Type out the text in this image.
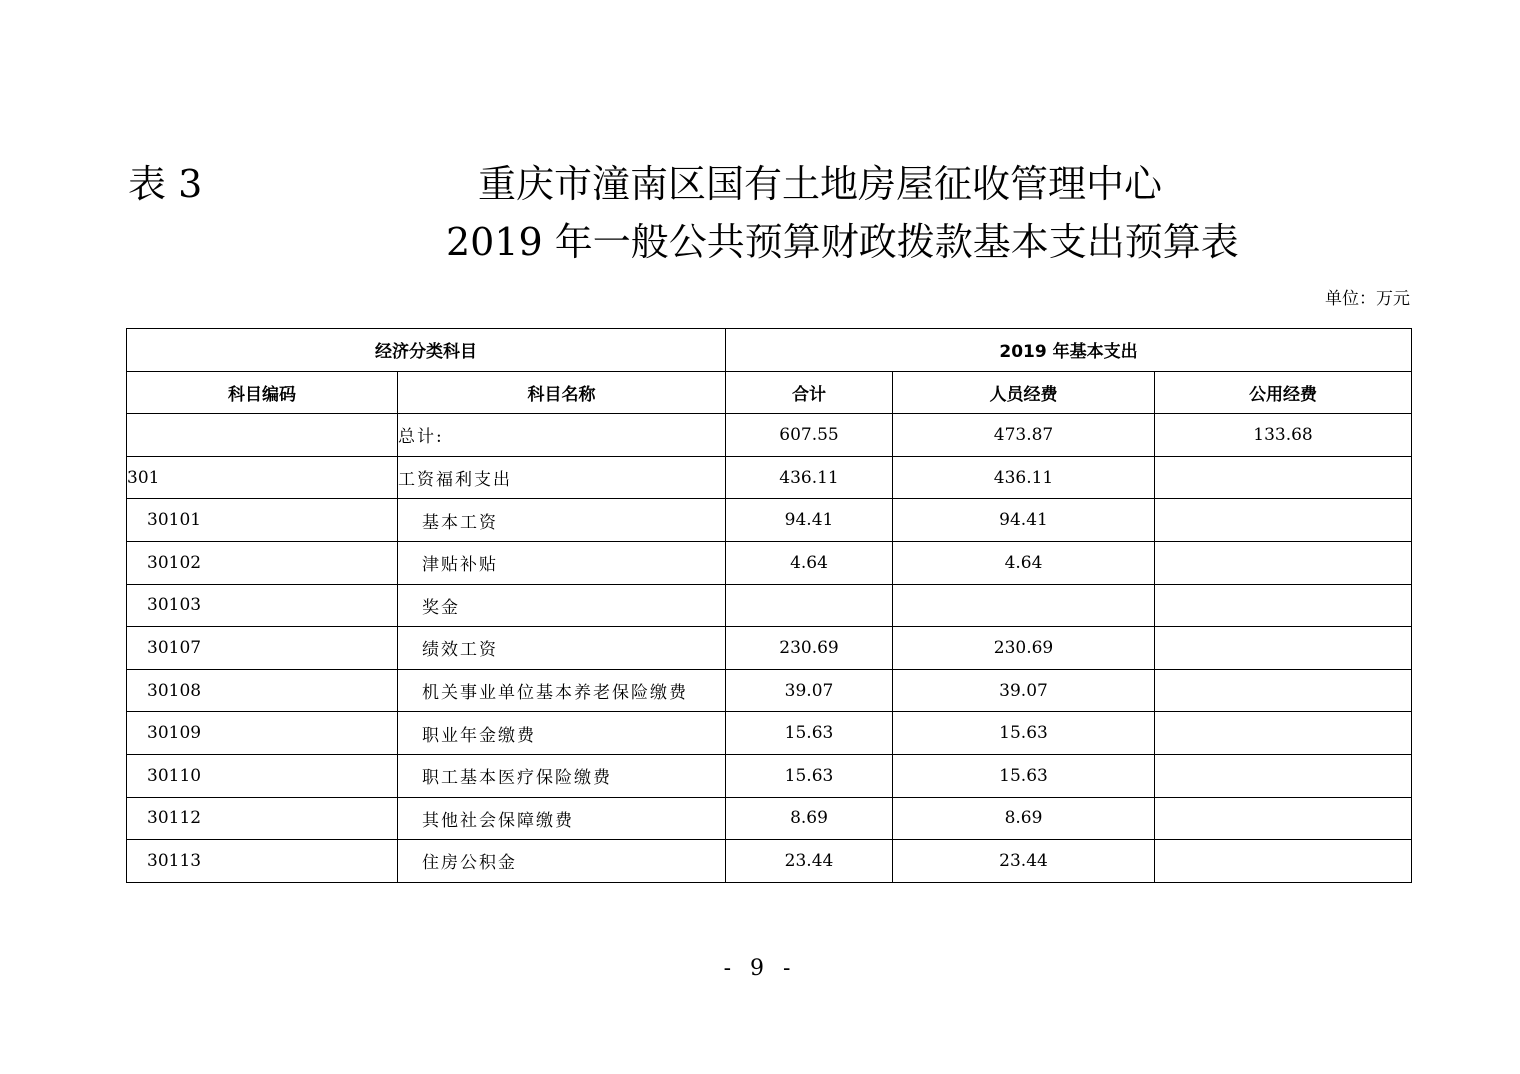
表 3	重庆市潼南区国有土地房屋征收管理中心
2019 年一般公共预算财政拨款基本支出预算表
单位：万元
经济分类科目		2019 年基本支出		
科目编码	科目名称	合计	人员经费	公用经费
	总计:	607.55	473.87	133.68
301	工资福利支出	436.11	436.11	
30101	基本工资	94.41	94.41	
30102	津贴补贴	4.64	4.64	
30103	奖金			
30107	绩效工资	230.69	230.69	
30108	机关事业单位基本养老保险缴费	39.07	39.07	
30109	职业年金缴费	15.63	15.63	
30110	职工基本医疗保险缴费	15.63	15.63	
30112	其他社会保障缴费	8.69	8.69	
30113	住房公积金	23.44	23.44	
- 9 -
